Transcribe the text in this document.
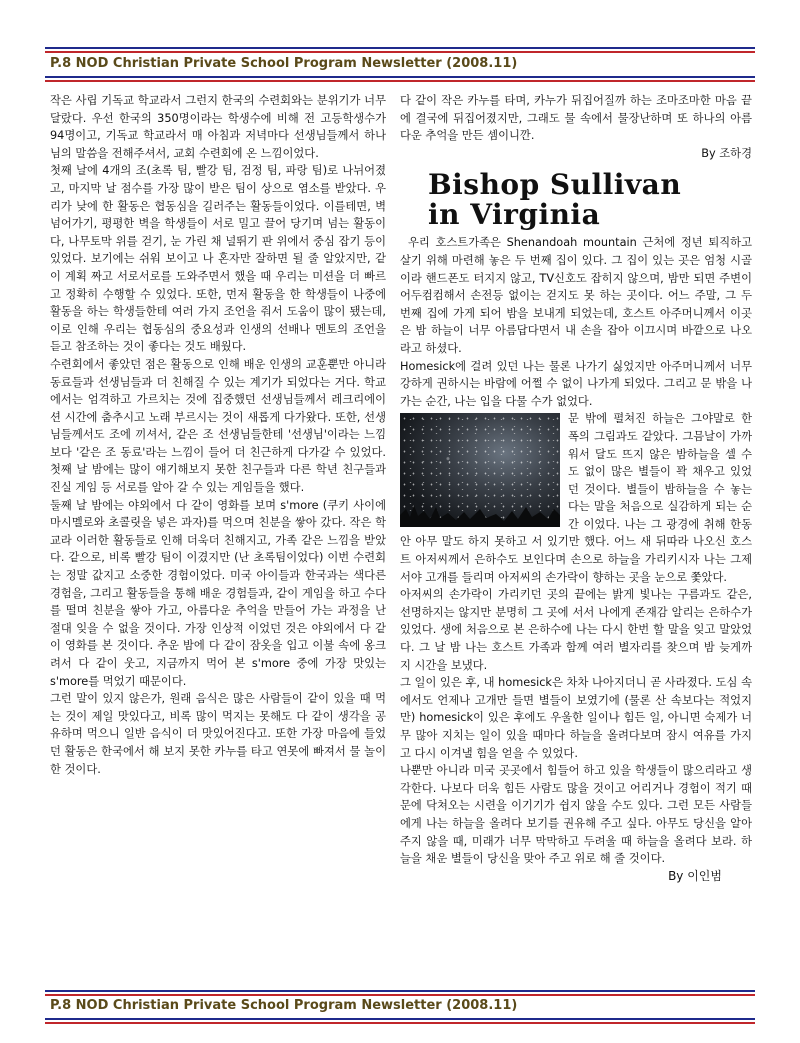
P.8 NOD Christian Private School Program Newsletter (2008.11)

작은 사립 기독교 학교라서 그런지 한국의 수련회와는 분위기가 너무 달랐다. 우선 한국의 350명이라는 학생수에 비해 전 고등학생수가 94명이고, 기독교 학교라서 매 아침과 저녁마다 선생님들께서 하나님의 말씀을 전해주셔서, 교회 수련회에 온 느낌이었다.

첫째 날에 4개의 조(초록 팀, 빨강 팀, 검정 팀, 파랑 팀)로 나뉘어졌고, 마지막 날 점수를 가장 많이 받은 팀이 상으로 염소를 받았다. 우리가 낮에 한 활동은 협동심을 길러주는 활동들이었다. 이를테면, 벽 넘어가기, 평평한 벽을 학생들이 서로 밀고 끌어 당기며 넘는 활동이다, 나무토막 위를 걷기, 눈 가린 채 널뛰기 판 위에서 중심 잡기 등이 있었다. 보기에는 쉬워 보이고 나 혼자만 잘하면 될 줄 알았지만, 같이 계획 짜고 서로서로를 도와주면서 했을 때 우리는 미션을 더 빠르고 정확히 수행할 수 있었다. 또한, 먼저 활동을 한 학생들이 나중에 활동을 하는 학생들한테 여러 가지 조언을 줘서 도움이 많이 됐는데, 이로 인해 우리는 협동심의 중요성과 인생의 선배나 멘토의 조언을 듣고 참조하는 것이 좋다는 것도 배웠다.

수련회에서 좋았던 점은 활동으로 인해 배운 인생의 교훈뿐만 아니라 동료들과 선생님들과 더 친해질 수 있는 계기가 되었다는 거다. 학교에서는 엄격하고 가르치는 것에 집중했던 선생님들께서 레크리에이션 시간에 춤추시고 노래 부르시는 것이 새롭게 다가왔다. 또한, 선생님들께서도 조에 끼셔서, 같은 조 선생님들한테 '선생님'이라는 느낌보다 '같은 조 동료'라는 느낌이 들어 더 친근하게 다가갈 수 있었다. 첫째 날 밤에는 많이 얘기해보지 못한 친구들과 다른 학년 친구들과 진실 게임 등 서로를 알아 갈 수 있는 게임들을 했다.

둘째 날 밤에는 야외에서 다 같이 영화를 보며 s'more (쿠키 사이에 마시멜로와 초콜릿을 넣은 과자)를 먹으며 친분을 쌓아 갔다. 작은 학교라 이러한 활동들로 인해 더욱더 친해지고, 가족 같은 느낌을 받았다. 같으로, 비록 빨강 팀이 이겼지만 (난 초록팀이었다) 이번 수련회는 정말 값지고 소중한 경험이었다. 미국 아이들과 한국과는 색다른 경험을, 그리고 활동들을 통해 배운 경험들과, 같이 게임을 하고 수다를 떨며 친분을 쌓아 가고, 아름다운 추억을 만들어 가는 과정을 난 절대 잊을 수 없을 것이다. 가장 인상적 이었던 것은 야외에서 다 같이 영화를 본 것이다. 추운 밤에 다 같이 잠옷을 입고 이불 속에 옹크려서 다 같이 웃고, 지금까지 먹어 본 s'more 중에 가장 맛있는 s'more를 먹었기 때문이다.

그런 말이 있지 않은가, 원래 음식은 많은 사람들이 같이 있을 때 먹는 것이 제일 맛있다고, 비록 많이 먹지는 못해도 다 같이 생각을 공유하며 먹으니 일반 음식이 더 맛있어진다고. 또한 가장 마음에 들었던 활동은 한국에서 해 보지 못한 카누를 타고 연못에 빠져서 물 놀이 한 것이다.

다 같이 작은 카누를 타며, 카누가 뒤집어질까 하는 조마조마한 마음 끝에 결국에 뒤집어졌지만, 그래도 물 속에서 물장난하며 또 하나의 아름다운 추억을 만든 셈이니깐.

By 조하경

Bishop Sullivan
in Virginia

우리 호스트가족은 Shenandoah mountain 근처에 정년 퇴직하고 살기 위해 마련해 놓은 두 번째 집이 있다. 그 집이 있는 곳은 엄청 시골이라 핸드폰도 터지지 않고, TV신호도 잡히지 않으며, 밤만 되면 주변이 어두컴컴해서 손전등 없이는 걷지도 못 하는 곳이다. 어느 주말, 그 두 번째 집에 가게 되어 밤을 보내게 되었는데, 호스트 아주머니께서 이곳은 밤 하늘이 너무 아름답다면서 내 손을 잡아 이끄시며 바깥으로 나오라고 하셨다.

Homesick에 걸려 있던 나는 물론 나가기 싫었지만 아주머니께서 너무 강하게 권하시는 바람에 어쩔 수 없이 나가게 되었다. 그리고 문 밖을 나가는 순간, 나는 입을 다물 수가 없었다.

문 밖에 펼쳐진 하늘은 그야말로 한 폭의 그림과도 같았다. 그믐날이 가까워서 달도 뜨지 않은 밤하늘을 셀 수도 없이 많은 별들이 꽉 채우고 있었던 것이다. 별들이 밤하늘을 수 놓는다는 말을 처음으로 실감하게 되는 순간 이었다. 나는 그 광경에 취해 한동안 아무 말도 하지 못하고 서 있기만 했다. 어느 새 뒤따라 나오신 호스트 아저씨께서 은하수도 보인다며 손으로 하늘을 가리키시자 나는 그제서야 고개를 들리며 아저씨의 손가락이 향하는 곳을 눈으로 쫓았다.

아저씨의 손가락이 가리키던 곳의 끝에는 밝게 빛나는 구름과도 같은, 선명하지는 않지만 분명히 그 곳에 서서 나에게 존재감 알리는 은하수가 있었다. 생에 처음으로 본 은하수에 나는 다시 한번 할 말을 잊고 말았었다. 그 날 밤 나는 호스트 가족과 함께 여러 별자리를 찾으며 밤 늦게까지 시간을 보냈다.

그 일이 있은 후, 내 homesick은 차차 나아지더니 곧 사라졌다. 도심 속에서도 언제나 고개만 들면 별들이 보였기에 (물론 산 속보다는 적었지만) homesick이 있은 후에도 우울한 일이나 힘든 일, 아니면 숙제가 너무 많아 지치는 일이 있을 때마다 하늘을 올려다보며 잠시 여유를 가지고 다시 이겨낼 힘을 얻을 수 있었다.

나뿐만 아니라 미국 곳곳에서 힘들어 하고 있을 학생들이 많으리라고 생각한다. 나보다 더욱 힘든 사람도 많을 것이고 어리거나 경험이 적기 때문에 닥쳐오는 시련을 이기기가 쉽지 않을 수도 있다. 그런 모든 사람들에게 나는 하늘을 올려다 보기를 권유해 주고 싶다. 아무도 당신을 알아 주지 않을 때, 미래가 너무 막막하고 두려울 때 하늘을 올려다 보라. 하늘을 채운 별들이 당신을 맞아 주고 위로 해 줄 것이다.

By 이인범

P.8 NOD Christian Private School Program Newsletter (2008.11)
